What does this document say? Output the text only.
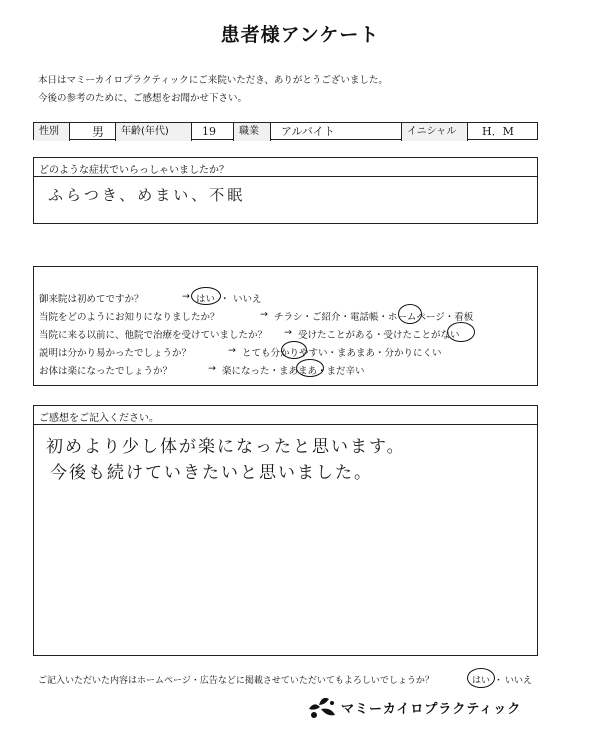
患者様アンケート
本日はマミーカイロプラクティックにご来院いただき、ありがとうございました。
今後の参考のために、ご感想をお聞かせ下さい。
性別	男	年齢(年代)	19	職業	アルバイト	イニシャル	H．M
どのような症状でいらっしゃいましたか？
ふらつき、めまい、不眠
御来院は初めてですか？	→ はい ・ いいえ
当院をどのようにお知りになりましたか？	→ チラシ・ご紹介・電話帳・ホームページ・看板
当院に来る以前に、他院で治療を受けていましたか？ → 受けたことがある・受けたことがない
説明は分かり易かったでしょうか？	→ とても分かりやすい・まあまあ・分かりにくい
お体は楽になったでしょうか？	→ 楽になった・まあまあ・まだ辛い
ご感想をご記入ください。
初めより少し体が楽になったと思います。
今後も続けていきたいと思いました。
ご記入いただいた内容はホームページ・広告などに掲載させていただいてもよろしいでしょうか？	はい ・ いいえ
マミーカイロプラクティック
